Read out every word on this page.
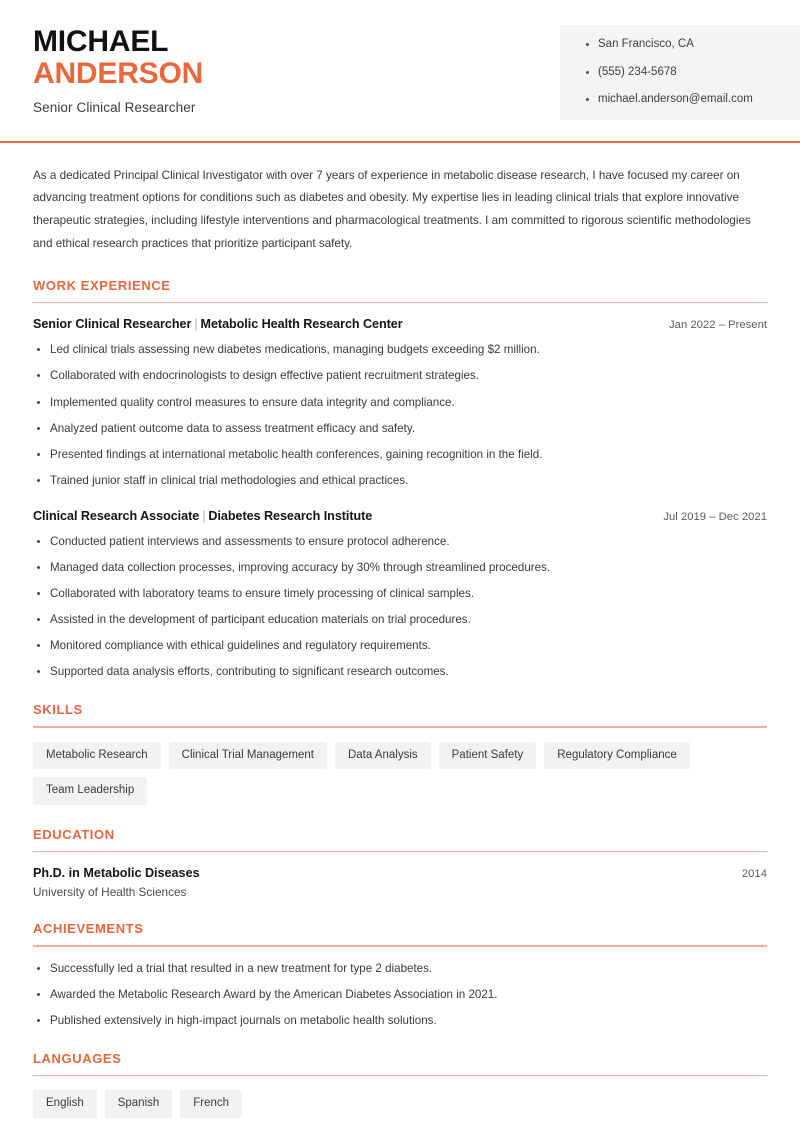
MICHAEL
ANDERSON
Senior Clinical Researcher
San Francisco, CA
(555) 234-5678
michael.anderson@email.com

As a dedicated Principal Clinical Investigator with over 7 years of experience in metabolic disease research, I have focused my career on advancing treatment options for conditions such as diabetes and obesity. My expertise lies in leading clinical trials that explore innovative therapeutic strategies, including lifestyle interventions and pharmacological treatments. I am committed to rigorous scientific methodologies and ethical research practices that prioritize participant safety.

WORK EXPERIENCE
Senior Clinical Researcher | Metabolic Health Research Center	Jan 2022 – Present
Led clinical trials assessing new diabetes medications, managing budgets exceeding $2 million.
Collaborated with endocrinologists to design effective patient recruitment strategies.
Implemented quality control measures to ensure data integrity and compliance.
Analyzed patient outcome data to assess treatment efficacy and safety.
Presented findings at international metabolic health conferences, gaining recognition in the field.
Trained junior staff in clinical trial methodologies and ethical practices.
Clinical Research Associate | Diabetes Research Institute	Jul 2019 – Dec 2021
Conducted patient interviews and assessments to ensure protocol adherence.
Managed data collection processes, improving accuracy by 30% through streamlined procedures.
Collaborated with laboratory teams to ensure timely processing of clinical samples.
Assisted in the development of participant education materials on trial procedures.
Monitored compliance with ethical guidelines and regulatory requirements.
Supported data analysis efforts, contributing to significant research outcomes.
SKILLS
Metabolic Research	Clinical Trial Management	Data Analysis	Patient Safety	Regulatory Compliance
Team Leadership
EDUCATION
Ph.D. in Metabolic Diseases	2014
University of Health Sciences
ACHIEVEMENTS
Successfully led a trial that resulted in a new treatment for type 2 diabetes.
Awarded the Metabolic Research Award by the American Diabetes Association in 2021.
Published extensively in high-impact journals on metabolic health solutions.
LANGUAGES
English	Spanish	French
